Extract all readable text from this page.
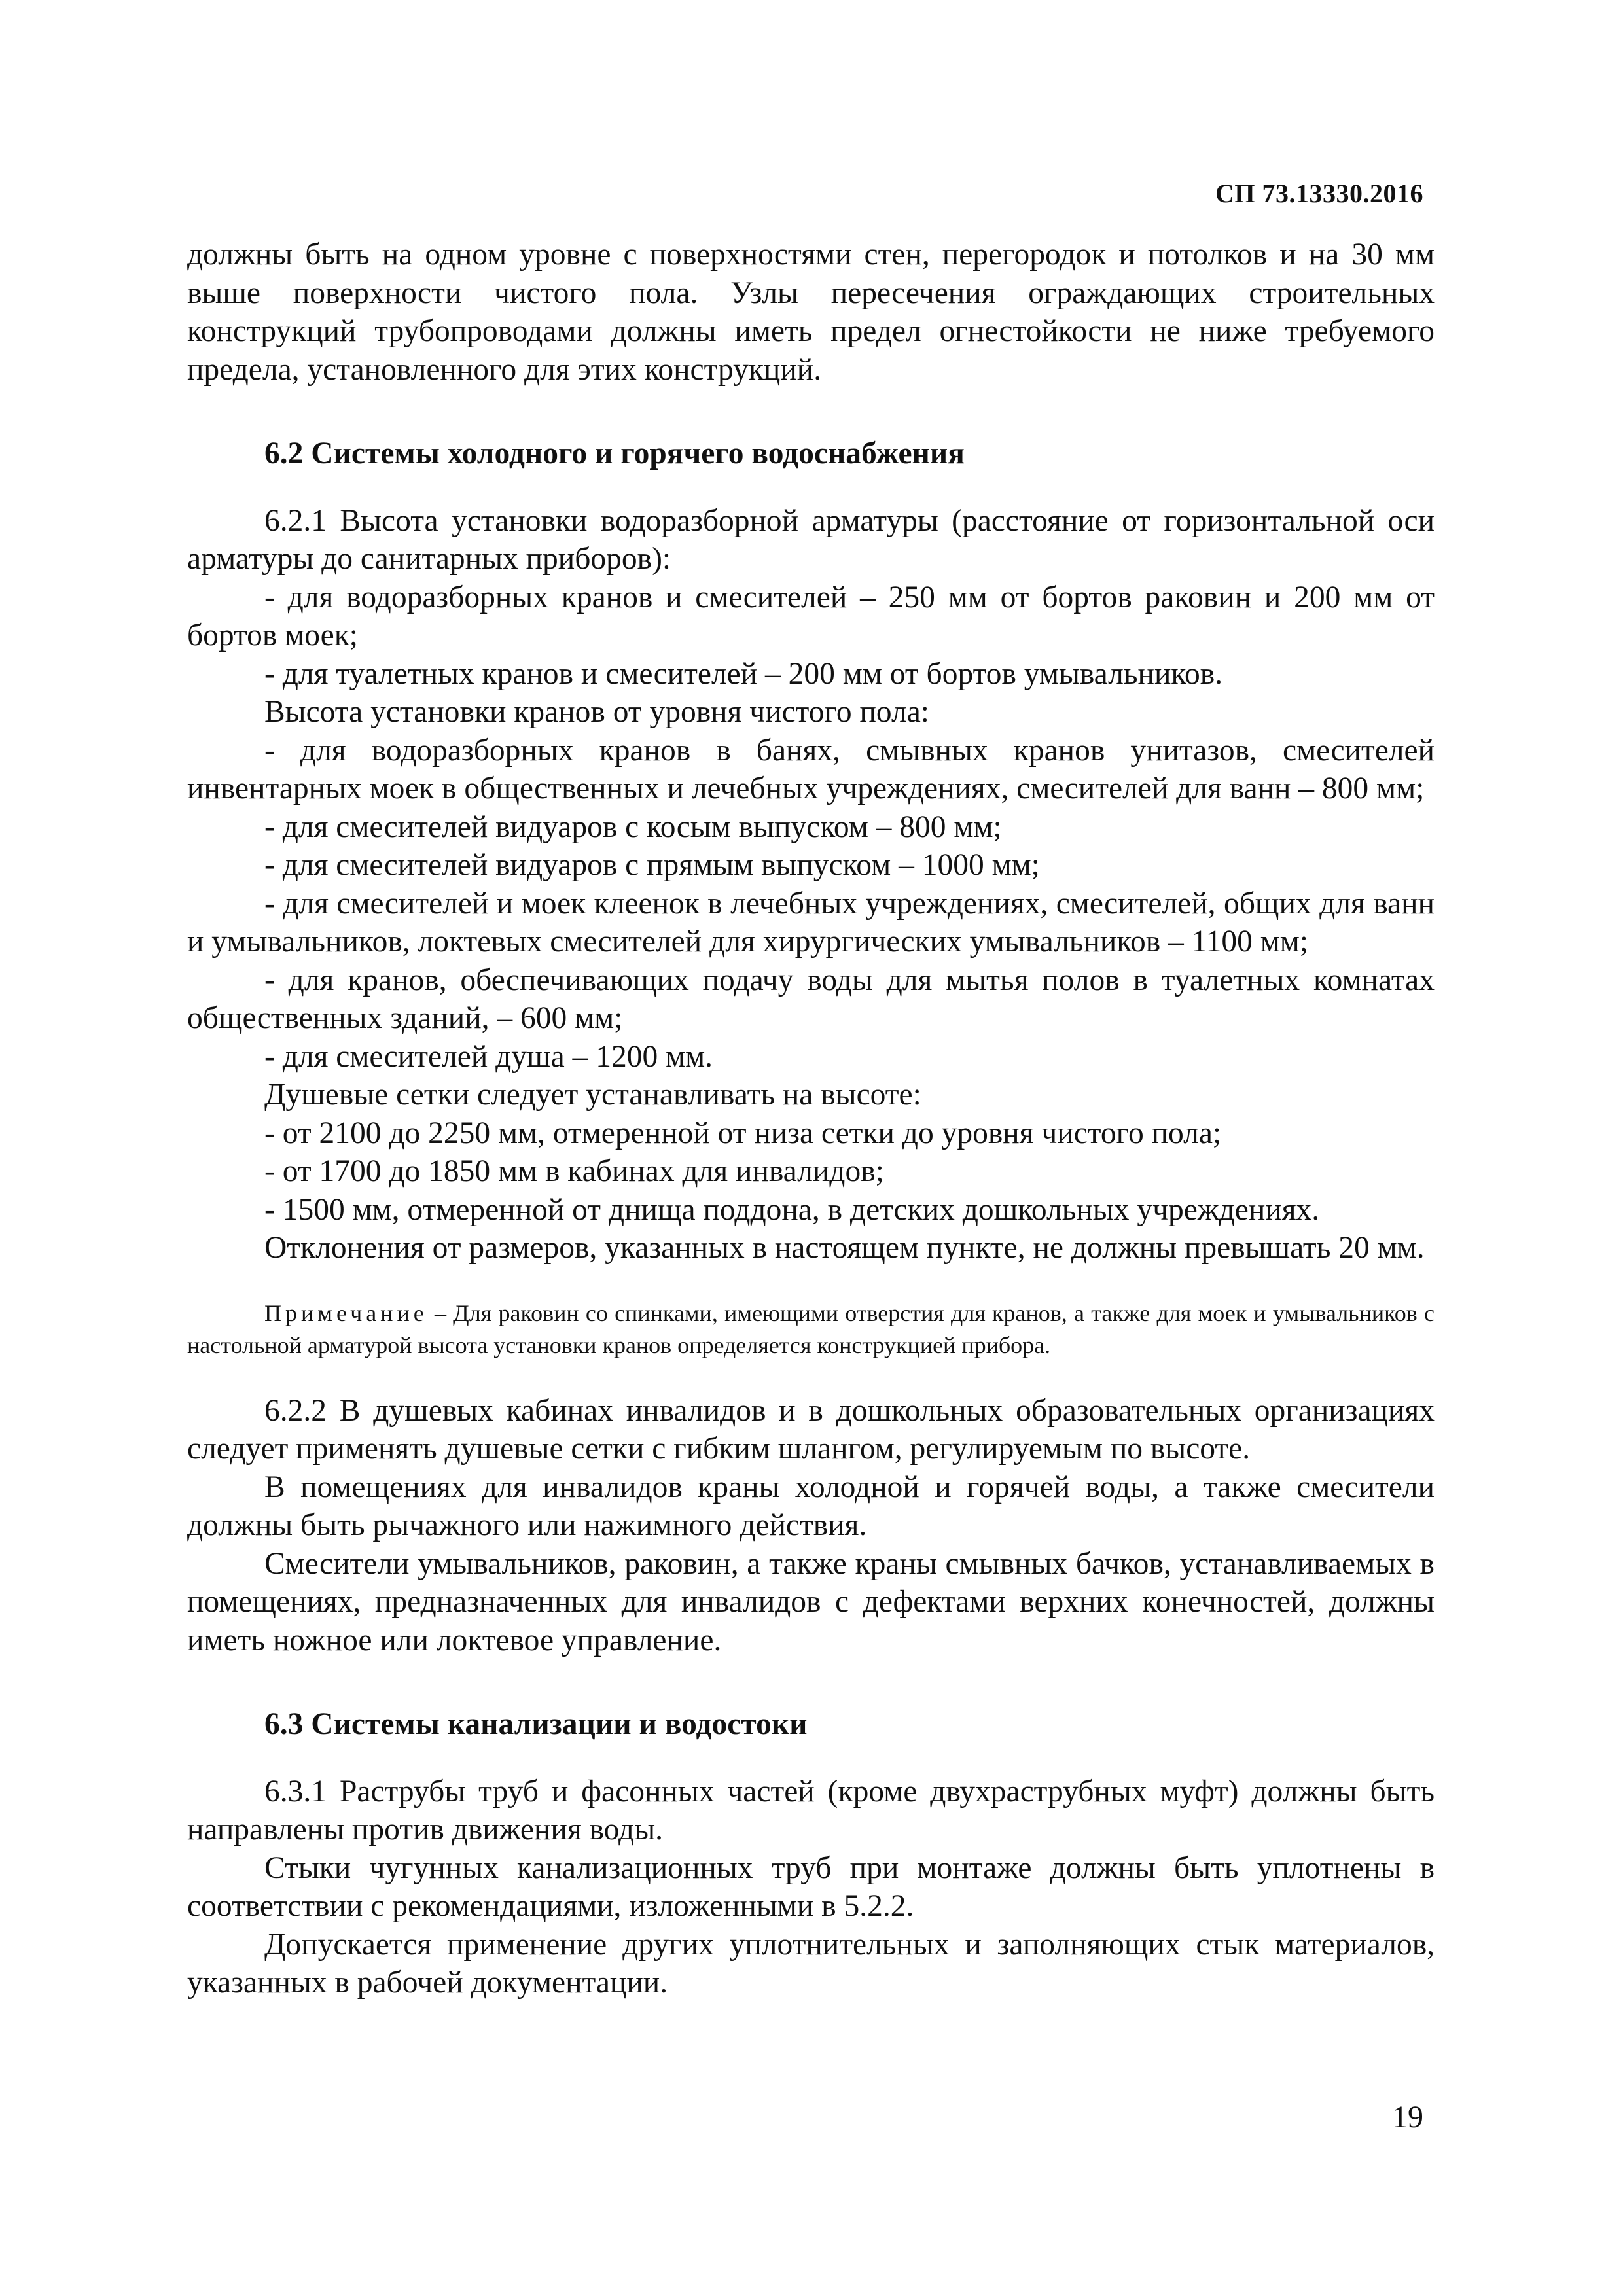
СП 73.13330.2016

должны быть на одном уровне с поверхностями стен, перегородок и потолков и на 30 мм выше поверхности чистого пола. Узлы пересечения ограждающих строительных конструкций трубопроводами должны иметь предел огнестойкости не ниже требуемого предела, установленного для этих конструкций.

6.2 Системы холодного и горячего водоснабжения

6.2.1 Высота установки водоразборной арматуры (расстояние от горизонтальной оси арматуры до санитарных приборов):

- для водоразборных кранов и смесителей – 250 мм от бортов раковин и 200 мм от бортов моек;

- для туалетных кранов и смесителей – 200 мм от бортов умывальников.

Высота установки кранов от уровня чистого пола:

- для водоразборных кранов в банях, смывных кранов унитазов, смесителей инвентарных моек в общественных и лечебных учреждениях, смесителей для ванн – 800 мм;

- для смесителей видуаров с косым выпуском – 800 мм;

- для смесителей видуаров с прямым выпуском – 1000 мм;

- для смесителей и моек клеенок в лечебных учреждениях, смесителей, общих для ванн и умывальников, локтевых смесителей для хирургических умывальников – 1100 мм;

- для кранов, обеспечивающих подачу воды для мытья полов в туалетных комнатах общественных зданий, – 600 мм;

- для смесителей душа – 1200 мм.

Душевые сетки следует устанавливать на высоте:

- от 2100 до 2250 мм, отмеренной от низа сетки до уровня чистого пола;

- от 1700 до 1850 мм в кабинах для инвалидов;

- 1500 мм, отмеренной от днища поддона, в детских дошкольных учреждениях.

Отклонения от размеров, указанных в настоящем пункте, не должны превышать 20 мм.

Примечание – Для раковин со спинками, имеющими отверстия для кранов, а также для моек и умывальников с настольной арматурой высота установки кранов определяется конструкцией прибора.

6.2.2 В душевых кабинах инвалидов и в дошкольных образовательных организациях следует применять душевые сетки с гибким шлангом, регулируемым по высоте.

В помещениях для инвалидов краны холодной и горячей воды, а также смесители должны быть рычажного или нажимного действия.

Смесители умывальников, раковин, а также краны смывных бачков, устанавливаемых в помещениях, предназначенных для инвалидов с дефектами верхних конечностей, должны иметь ножное или локтевое управление.

6.3 Системы канализации и водостоки

6.3.1 Раструбы труб и фасонных частей (кроме двухраструбных муфт) должны быть направлены против движения воды.

Стыки чугунных канализационных труб при монтаже должны быть уплотнены в соответствии с рекомендациями, изложенными в 5.2.2.

Допускается применение других уплотнительных и заполняющих стык материалов, указанных в рабочей документации.

19
